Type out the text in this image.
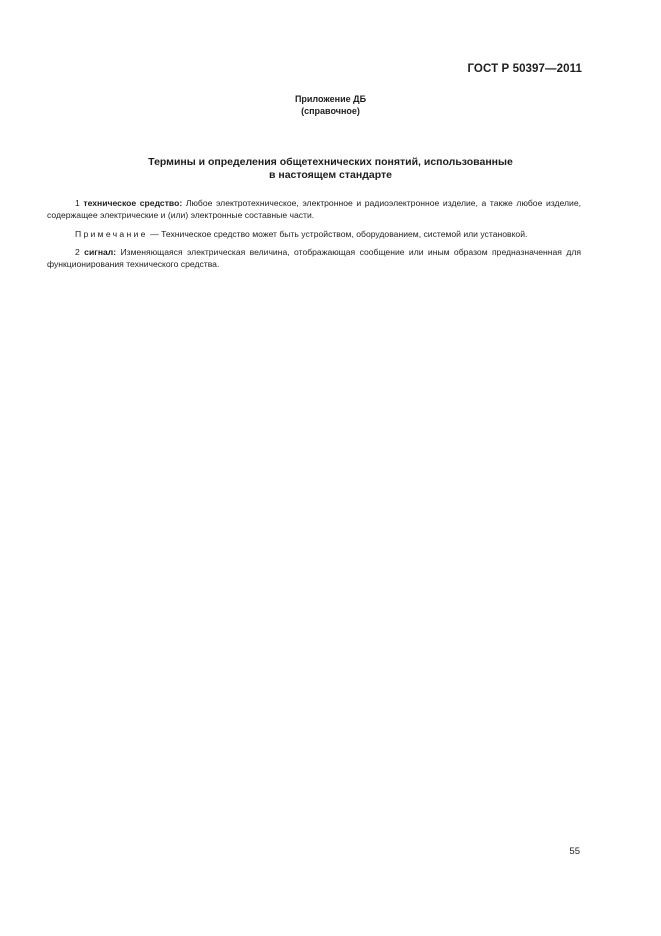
ГОСТ Р 50397—2011
Приложение ДБ
(справочное)
Термины и определения общетехнических понятий, использованные
в настоящем стандарте

1 техническое средство: Любое электротехническое, электронное и радиоэлектронное изделие, а также любое изделие, содержащее электрические и (или) электронные составные части.

Примечание — Техническое средство может быть устройством, оборудованием, системой или установкой.

2 сигнал: Изменяющаяся электрическая величина, отображающая сообщение или иным образом предназначенная для функционирования технического средства.

55
